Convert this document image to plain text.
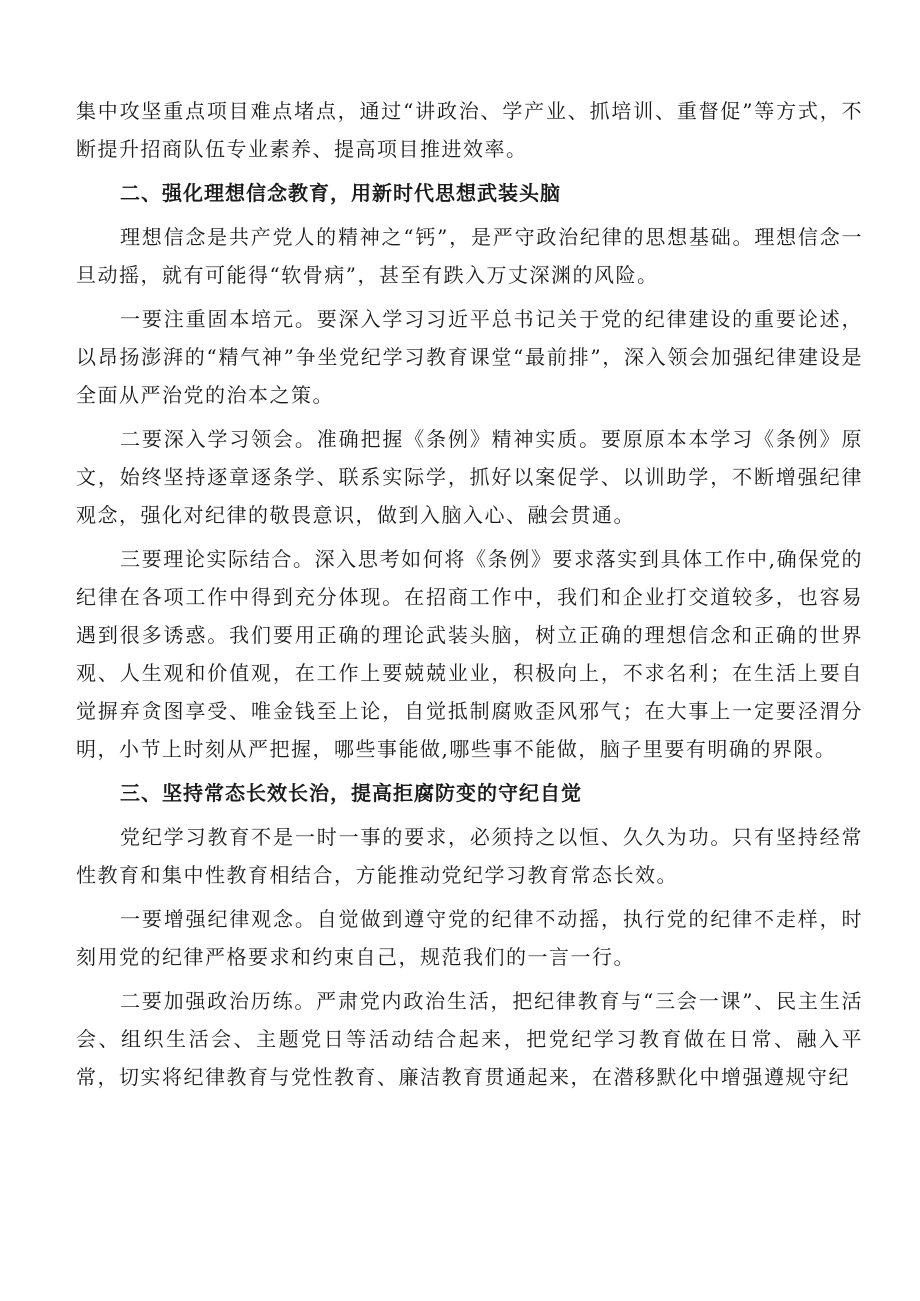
集中攻坚重点项目难点堵点，通过“讲政治、学产业、抓培训、重督促”等方式，不断提升招商队伍专业素养、提高项目推进效率。

二、强化理想信念教育，用新时代思想武装头脑

理想信念是共产党人的精神之“钙”，是严守政治纪律的思想基础。理想信念一旦动摇，就有可能得“软骨病”，甚至有跌入万丈深渊的风险。

一要注重固本培元。要深入学习习近平总书记关于党的纪律建设的重要论述，以昂扬澎湃的“精气神”争坐党纪学习教育课堂“最前排”，深入领会加强纪律建设是全面从严治党的治本之策。

二要深入学习领会。准确把握《条例》精神实质。要原原本本学习《条例》原文，始终坚持逐章逐条学、联系实际学，抓好以案促学、以训助学，不断增强纪律观念，强化对纪律的敬畏意识，做到入脑入心、融会贯通。

三要理论实际结合。深入思考如何将《条例》要求落实到具体工作中,确保党的纪律在各项工作中得到充分体现。在招商工作中，我们和企业打交道较多，也容易遇到很多诱惑。我们要用正确的理论武装头脑，树立正确的理想信念和正确的世界观、人生观和价值观，在工作上要兢兢业业，积极向上，不求名利；在生活上要自觉摒弃贪图享受、唯金钱至上论，自觉抵制腐败歪风邪气；在大事上一定要泾渭分明，小节上时刻从严把握，哪些事能做,哪些事不能做，脑子里要有明确的界限。

三、坚持常态长效长治，提高拒腐防变的守纪自觉

党纪学习教育不是一时一事的要求，必须持之以恒、久久为功。只有坚持经常性教育和集中性教育相结合，方能推动党纪学习教育常态长效。

一要增强纪律观念。自觉做到遵守党的纪律不动摇，执行党的纪律不走样，时刻用党的纪律严格要求和约束自己，规范我们的一言一行。

二要加强政治历练。严肃党内政治生活，把纪律教育与“三会一课”、民主生活会、组织生活会、主题党日等活动结合起来，把党纪学习教育做在日常、融入平常，切实将纪律教育与党性教育、廉洁教育贯通起来，在潜移默化中增强遵规守纪
